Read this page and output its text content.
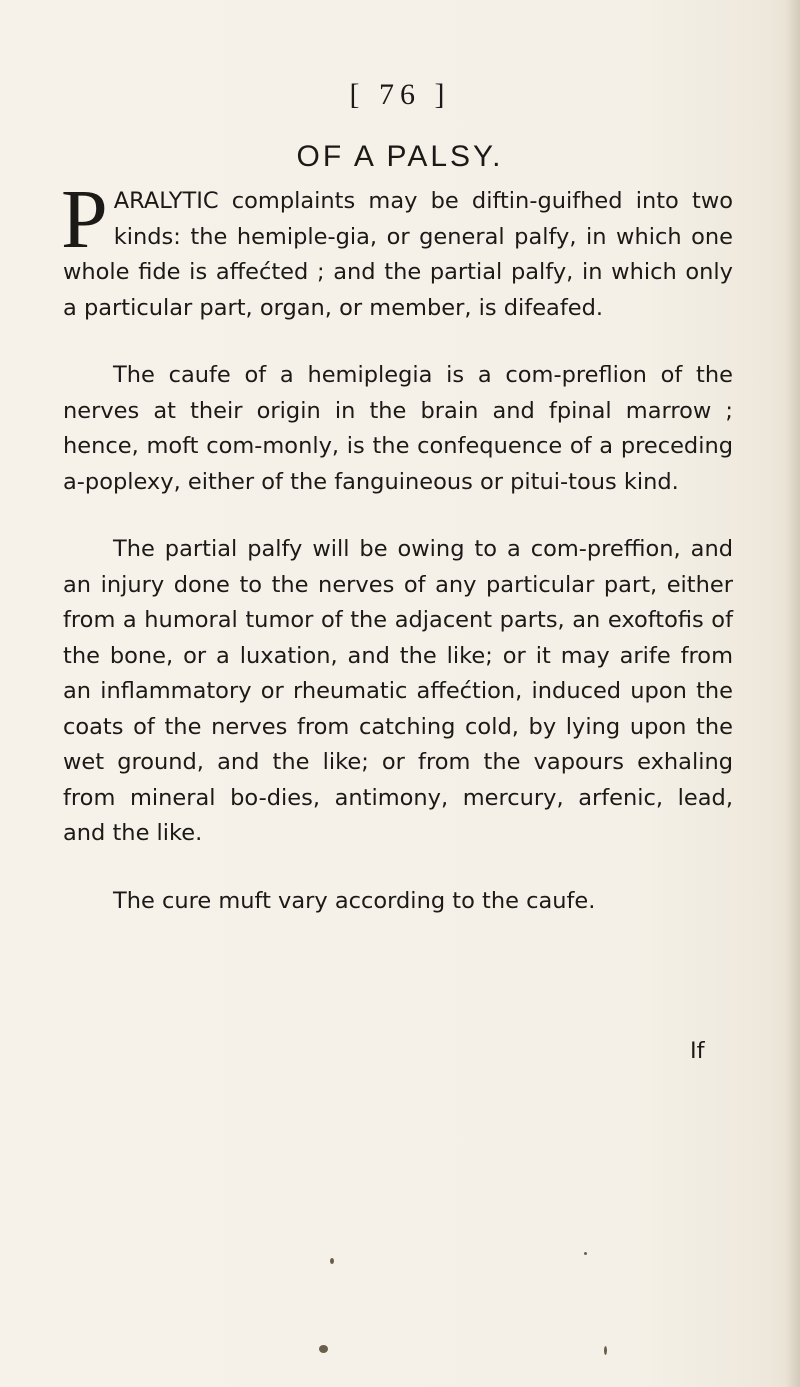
[ 76 ]
OF A PALSY.

PARALYTIC complaints may be diftin-guifhed into two kinds: the hemiple-gia, or general palfy, in which one whole fide is affećted ; and the partial palfy, in which only a particular part, organ, or member, is difeafed.

The caufe of a hemiplegia is a com-preflion of the nerves at their origin in the brain and fpinal marrow ; hence, moft com-monly, is the confequence of a preceding a-poplexy, either of the fanguineous or pitui-tous kind.

The partial palfy will be owing to a com-preffion, and an injury done to the nerves of any particular part, either from a humoral tumor of the adjacent parts, an exoftofis of the bone, or a luxation, and the like; or it may arife from an inflammatory or rheumatic affećtion, induced upon the coats of the nerves from catching cold, by lying upon the wet ground, and the like; or from the vapours exhaling from mineral bo-dies, antimony, mercury, arfenic, lead, and the like.

The cure muft vary according to the caufe.

If
